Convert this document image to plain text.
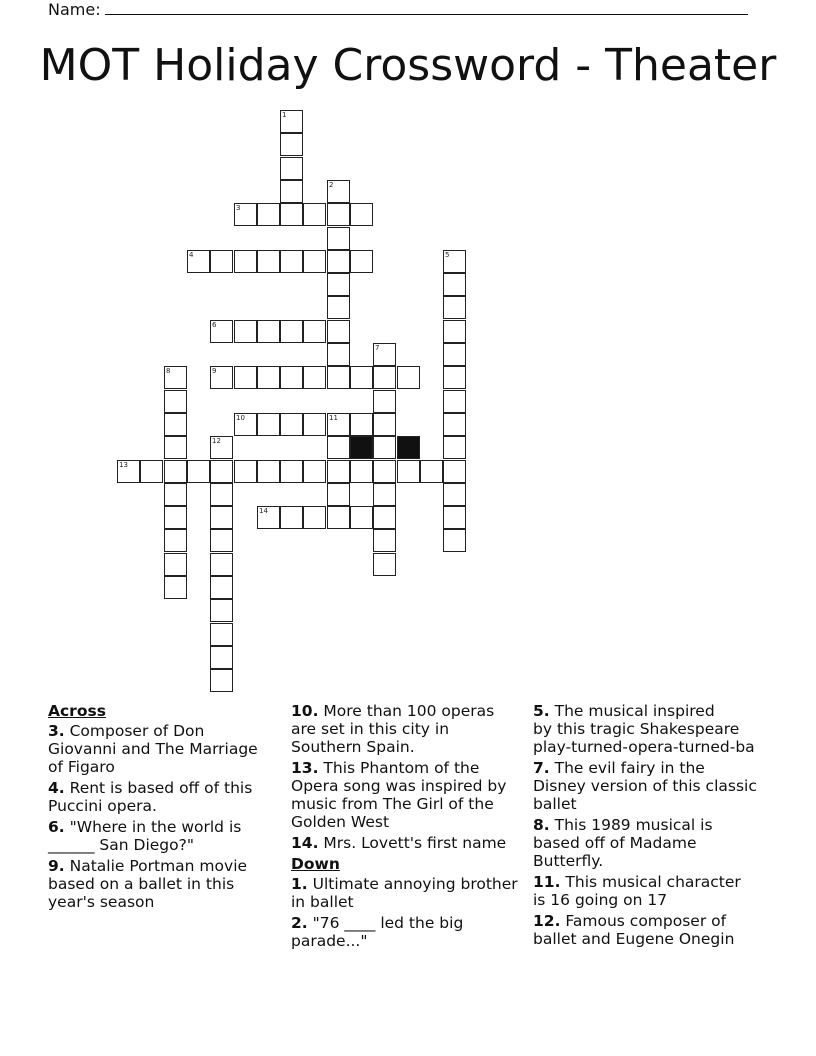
Name:
MOT Holiday Crossword - Theater
1
2
3
4	5
6
7
8	9
10	11
12
13
14
Across
3. Composer of Don Giovanni and The Marriage of Figaro
4. Rent is based off of this Puccini opera.
6. "Where in the world is ______ San Diego?"
9. Natalie Portman movie based on a ballet in this year's season
10. More than 100 operas are set in this city in Southern Spain.
13. This Phantom of the Opera song was inspired by music from The Girl of the Golden West
14. Mrs. Lovett's first name
Down
1. Ultimate annoying brother in ballet
2. "76 ____ led the big parade..."
5. The musical inspired
by this tragic Shakespeare
play-turned-opera-turned-ba
7. The evil fairy in the
Disney version of this classic
ballet
8. This 1989 musical is
based off of Madame
Butterfly.
11. This musical character
is 16 going on 17
12. Famous composer of
ballet and Eugene Onegin
